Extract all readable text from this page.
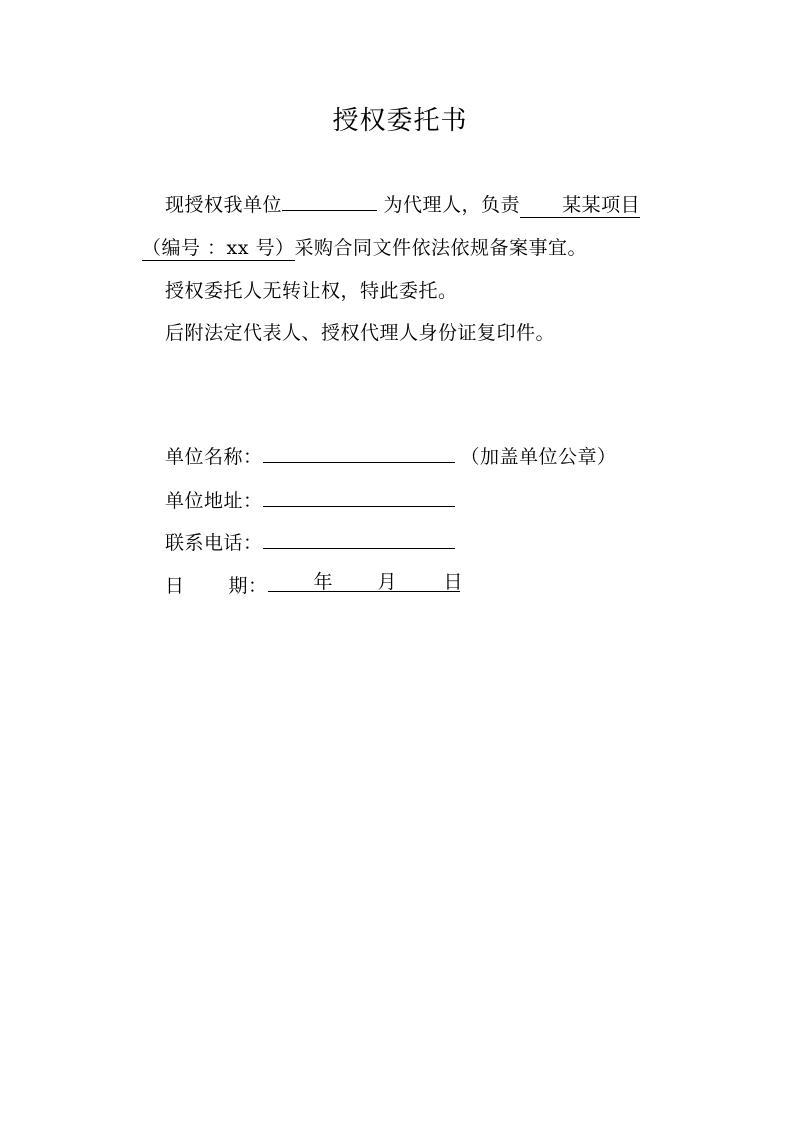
授权委托书
现授权我单位	为代理人，负责 某某项目
（编号 ：xx 号）采购合同文件依法依规备案事宜。
授权委托人无转让权，特此委托。
后附法定代表人、授权代理人身份证复印件。
单位名称：	（加盖单位公章）
单位地址：
联系电话：
日 期： 年 月 日
